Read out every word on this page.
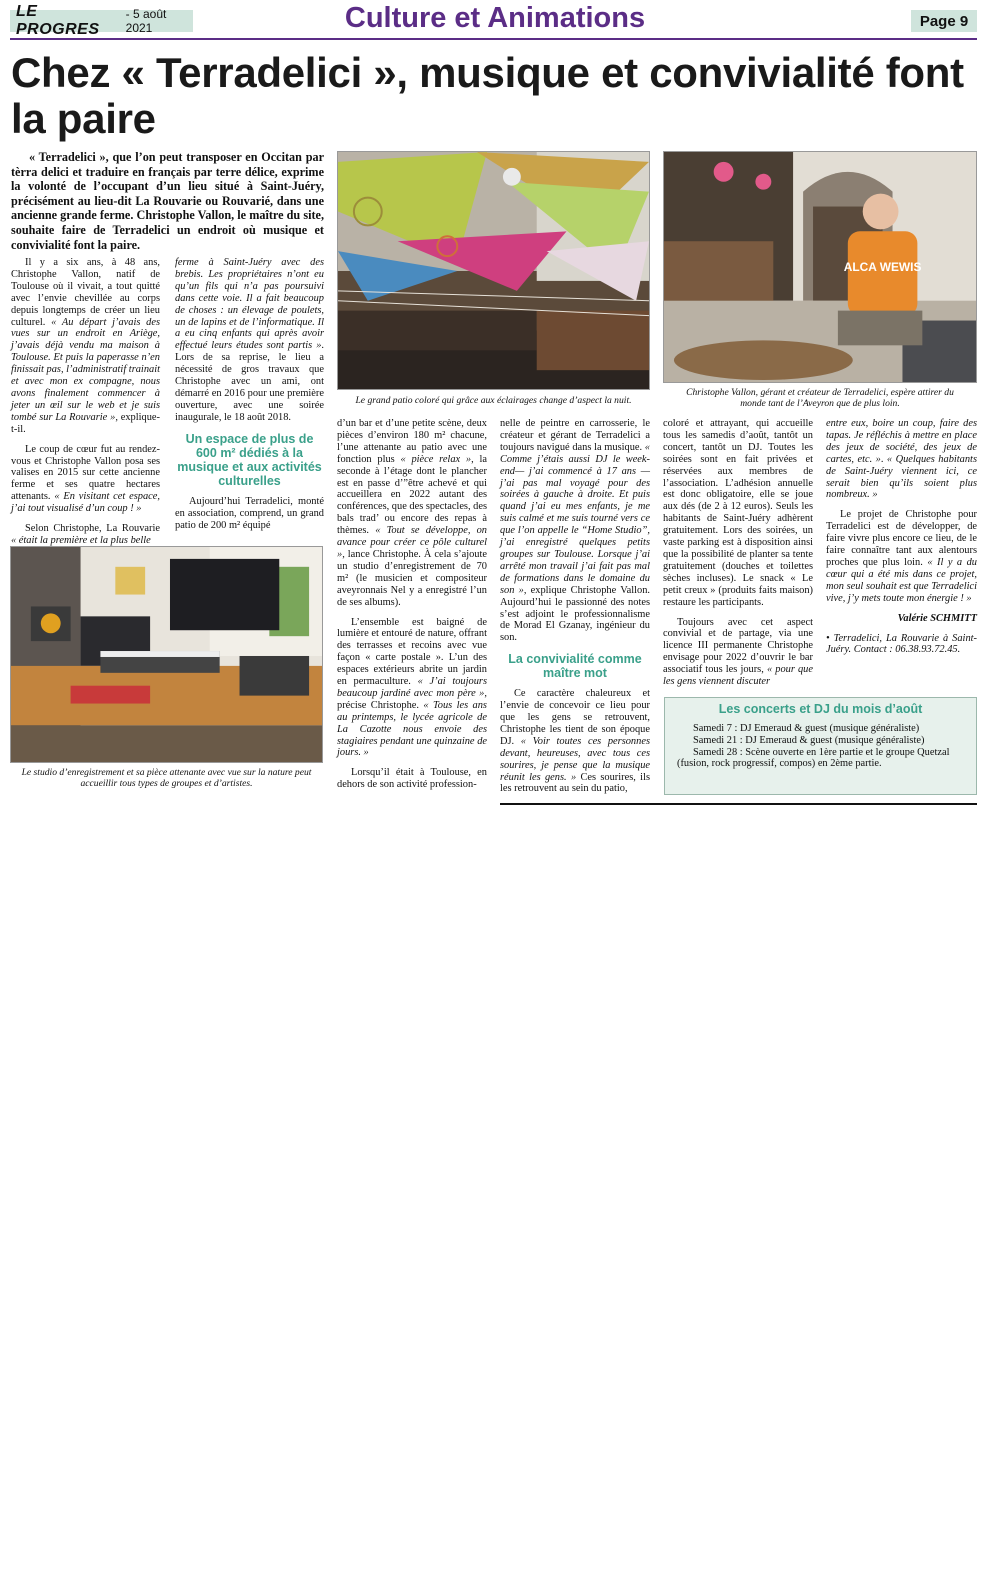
LE PROGRES
- 5 août 2021	Culture et Animations	Page 9
Chez « Terradelici », musique et convivialité font la paire

« Terradelici », que l’on peut transposer en Occitan par tèrra delici et traduire en français par terre délice, exprime la volonté de l’occupant d’un lieu situé à Saint-Juéry, précisément au lieu-dit La Rouvarie ou Rouvarié, dans une ancienne grande ferme. Christophe Vallon, le maître du site, souhaite faire de Terradelici un endroit où musique et convivialité font la paire.

Le grand patio coloré qui grâce aux éclairages change d’aspect la nuit.
ALCA WEWIS
Christophe Vallon, gérant et créateur de Terradelici, espère attirer du monde tant de l’Aveyron que de plus loin.
Le studio d’enregistrement et sa pièce attenante avec vue sur la nature peut accueillir tous types de groupes et d’artistes.

Il y a six ans, à 48 ans, Christophe Vallon, natif de Toulouse où il vivait, a tout quitté avec l’envie chevillée au corps depuis longtemps de créer un lieu culturel. « Au départ j’avais des vues sur un endroit en Ariège, j’avais déjà vendu ma maison à Toulouse. Et puis la paperasse n’en finissait pas, l’administratif trainait et avec mon ex compagne, nous avons finalement commencer à jeter un œil sur le web et je suis tombé sur La Rouvarie », explique-t-il.

Le coup de cœur fut au rendez-vous et Christophe Vallon posa ses valises en 2015 sur cette ancienne ferme et ses quatre hectares attenants. « En visitant cet espace, j’ai tout visualisé d’un coup ! »

Selon Christophe, La Rouvarie « était la première et la plus belle

ferme à Saint-Juéry avec des brebis. Les propriétaires n’ont eu qu’un fils qui n’a pas poursuivi dans cette voie. Il a fait beaucoup de choses : un élevage de poulets, un de lapins et de l’informatique. Il a eu cinq enfants qui après avoir effectué leurs études sont partis ». Lors de sa reprise, le lieu a nécessité de gros travaux que Christophe avec un ami, ont démarré en 2016 pour une première ouverture, avec une soirée inaugurale, le 18 août 2018.

Un espace de plus de 600 m² dédiés à la musique et aux activités culturelles

Aujourd’hui Terradelici, monté en association, comprend, un grand patio de 200 m² équipé

d’un bar et d’une petite scène, deux pièces d’environ 180 m² chacune, l’une attenante au patio avec une fonction plus « pièce relax », la seconde à l’étage dont le plancher est en passe d’”être achevé et qui accueillera en 2022 autant des conférences, que des spectacles, des bals trad’ ou encore des repas à thèmes. « Tout se développe, on avance pour créer ce pôle culturel », lance Christophe. À cela s’ajoute un studio d’enregistrement de 70 m² (le musicien et compositeur aveyronnais Nel y a enregistré l’un de ses albums).

L’ensemble est baigné de lumière et entouré de nature, offrant des terrasses et recoins avec vue façon « carte postale ». L’un des espaces extérieurs abrite un jardin en permaculture. « J’ai toujours beaucoup jardiné avec mon père », précise Christophe. « Tous les ans au printemps, le lycée agricole de La Cazotte nous envoie des stagiaires pendant une quinzaine de jours. »

Lorsqu’il était à Toulouse, en dehors de son activité profession-

nelle de peintre en carrosserie, le créateur et gérant de Terradelici a toujours navigué dans la musique. « Comme j’étais aussi DJ le week-end— j’ai commencé à 17 ans —j’ai pas mal voyagé pour des soirées à gauche à droite. Et puis quand j’ai eu mes enfants, je me suis calmé et me suis tourné vers ce que l’on appelle le “Home Studio”, j’ai enregistré quelques petits groupes sur Toulouse. Lorsque j’ai arrêté mon travail j’ai fait pas mal de formations dans le domaine du son », explique Christophe Vallon. Aujourd’hui le passionné des notes s’est adjoint le professionnalisme de Morad El Gzanay, ingénieur du son.

La convivialité comme maître mot

Ce caractère chaleureux et l’envie de concevoir ce lieu pour que les gens se retrouvent, Christophe les tient de son époque DJ. « Voir toutes ces personnes devant, heureuses, avec tous ces sourires, je pense que la musique réunit les gens. » Ces sourires, ils les retrouvent au sein du patio,

coloré et attrayant, qui accueille tous les samedis d’août, tantôt un concert, tantôt un DJ. Toutes les soirées sont en fait privées et réservées aux membres de l’association. L’adhésion annuelle est donc obligatoire, elle se joue aux dés (de 2 à 12 euros). Seuls les habitants de Saint-Juéry adhèrent gratuitement. Lors des soirées, un vaste parking est à disposition ainsi que la possibilité de planter sa tente gratuitement (douches et toilettes sèches incluses). Le snack « Le petit creux » (produits faits maison) restaure les participants.

Toujours avec cet aspect convivial et de partage, via une licence III permanente Christophe envisage pour 2022 d’ouvrir le bar associatif tous les jours, « pour que les gens viennent discuter

entre eux, boire un coup, faire des tapas. Je réfléchis à mettre en place des jeux de société, des jeux de cartes, etc. ». « Quelques habitants de Saint-Juéry viennent ici, ce serait bien qu’ils soient plus nombreux. »

Le projet de Christophe pour Terradelici est de développer, de faire vivre plus encore ce lieu, de le faire connaître tant aux alentours proches que plus loin. « Il y a du cœur qui a été mis dans ce projet, mon seul souhait est que Terradelici vive, j’y mets toute mon énergie ! »

Valérie SCHMITT

• Terradelici, La Rouvarie à Saint-Juéry. Contact : 06.38.93.72.45.

Les concerts et DJ du mois d’août
Samedi 7 : DJ Emeraud & guest (musique généraliste)
Samedi 21 : DJ Emeraud & guest (musique généraliste)
Samedi 28 : Scène ouverte en 1ère partie et le groupe Quetzal
(fusion, rock progressif, compos) en 2ème partie.
